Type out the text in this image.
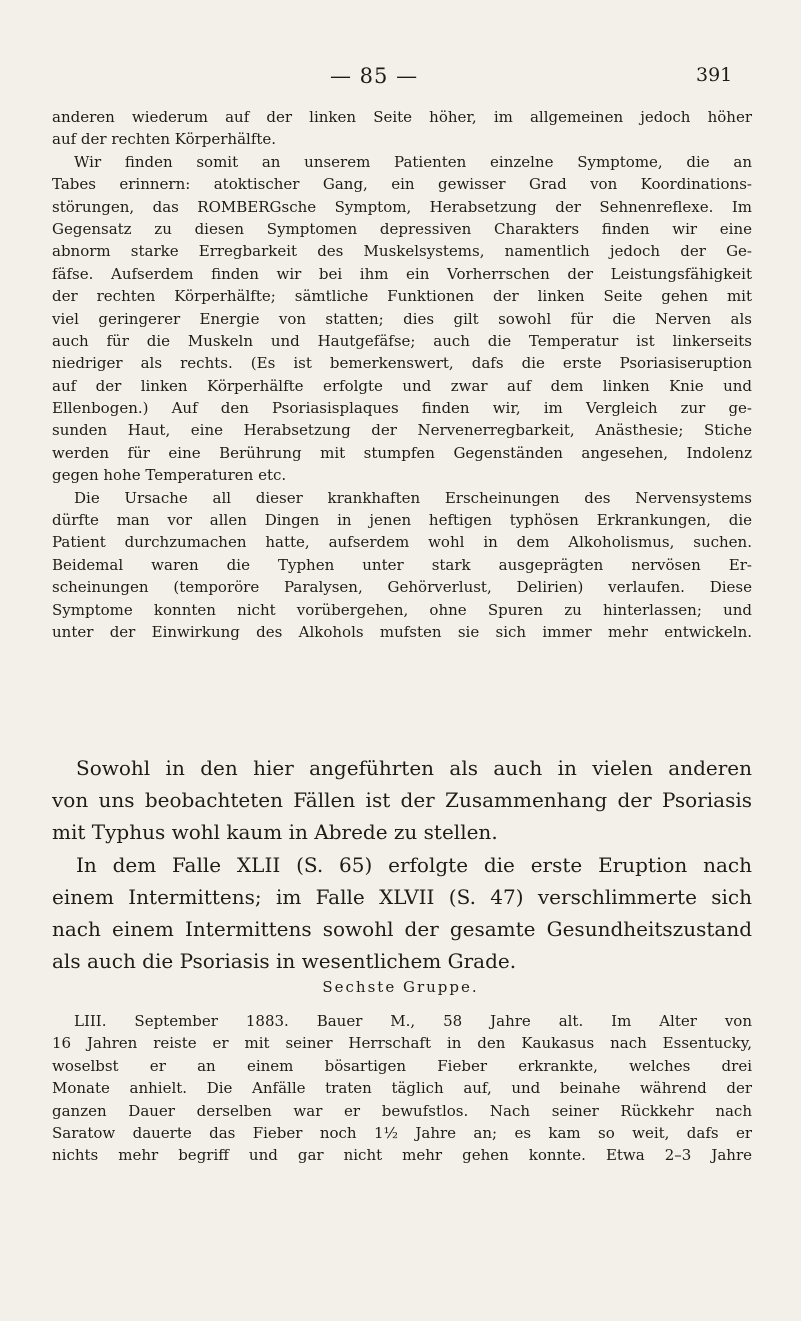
— 85 —	391
anderen wiederum auf der linken Seite höher, im allgemeinen jedoch höher
auf der rechten Körperhälfte.
Wir finden somit an unserem Patienten einzelne Symptome, die an
Tabes erinnern: atoktischer Gang, ein gewisser Grad von Koordinations-
störungen, das ROMBERGsche Symptom, Herabsetzung der Sehnenreflexe. Im
Gegensatz zu diesen Symptomen depressiven Charakters finden wir eine
abnorm starke Erregbarkeit des Muskelsystems, namentlich jedoch der Ge-
fäfse. Aufserdem finden wir bei ihm ein Vorherrschen der Leistungsfähigkeit
der rechten Körperhälfte; sämtliche Funktionen der linken Seite gehen mit
viel geringerer Energie von statten; dies gilt sowohl für die Nerven als
auch für die Muskeln und Hautgefäfse; auch die Temperatur ist linkerseits
niedriger als rechts. (Es ist bemerkenswert, dafs die erste Psoriasiseruption
auf der linken Körperhälfte erfolgte und zwar auf dem linken Knie und
Ellenbogen.) Auf den Psoriasisplaques finden wir, im Vergleich zur ge-
sunden Haut, eine Herabsetzung der Nervenerregbarkeit, Anästhesie; Stiche
werden für eine Berührung mit stumpfen Gegenständen angesehen, Indolenz
gegen hohe Temperaturen etc.
Die Ursache all dieser krankhaften Erscheinungen des Nervensystems
dürfte man vor allen Dingen in jenen heftigen typhösen Erkrankungen, die
Patient durchzumachen hatte, aufserdem wohl in dem Alkoholismus, suchen.
Beidemal waren die Typhen unter stark ausgeprägten nervösen Er-
scheinungen (temporöre Paralysen, Gehörverlust, Delirien) verlaufen. Diese
Symptome konnten nicht vorübergehen, ohne Spuren zu hinterlassen; und
unter der Einwirkung des Alkohols mufsten sie sich immer mehr entwickeln.
Sowohl in den hier angeführten als auch in vielen anderen
von uns beobachteten Fällen ist der Zusammenhang der Psoriasis
mit Typhus wohl kaum in Abrede zu stellen.
In dem Falle XLII (S. 65) erfolgte die erste Eruption nach
einem Intermittens; im Falle XLVII (S. 47) verschlimmerte sich
nach einem Intermittens sowohl der gesamte Gesundheitszustand
als auch die Psoriasis in wesentlichem Grade.
Sechste Gruppe.
LIII. September 1883. Bauer M., 58 Jahre alt. Im Alter von
16 Jahren reiste er mit seiner Herrschaft in den Kaukasus nach Essentucky,
woselbst er an einem bösartigen Fieber erkrankte, welches drei
Monate anhielt. Die Anfälle traten täglich auf, und beinahe während der
ganzen Dauer derselben war er bewufstlos. Nach seiner Rückkehr nach
Saratow dauerte das Fieber noch 1½ Jahre an; es kam so weit, dafs er
nichts mehr begriff und gar nicht mehr gehen konnte. Etwa 2–3 Jahre
